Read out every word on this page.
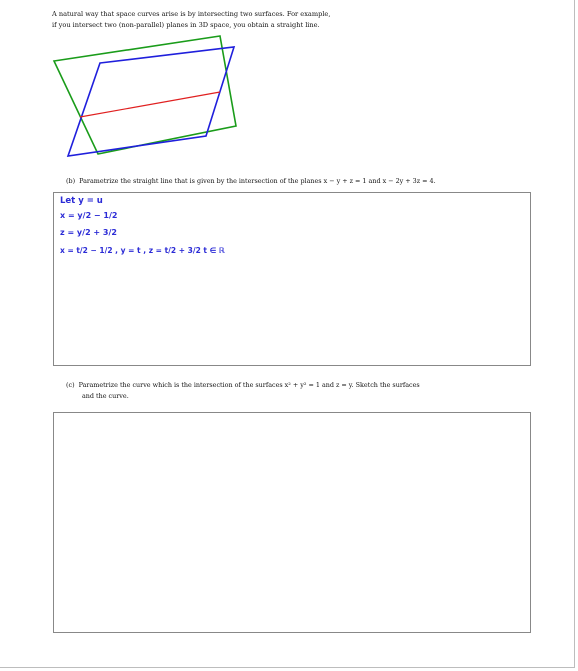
A natural way that space curves arise is by intersecting two surfaces. For example,
if you intersect two (non-parallel) planes in 3D space, you obtain a straight line.
(b) Parametrize the straight line that is given by the intersection of the planes x − y + z = 1 and x − 2y + 3z = 4.
Let y = u
x = y/2 − 1/2
z = y/2 + 3/2
x = t/2 − 1/2 , y = t , z = t/2 + 3/2 t ∈ ℝ
(c) Parametrize the curve which is the intersection of the surfaces x² + y² = 1 and z = y. Sketch the surfaces
and the curve.
